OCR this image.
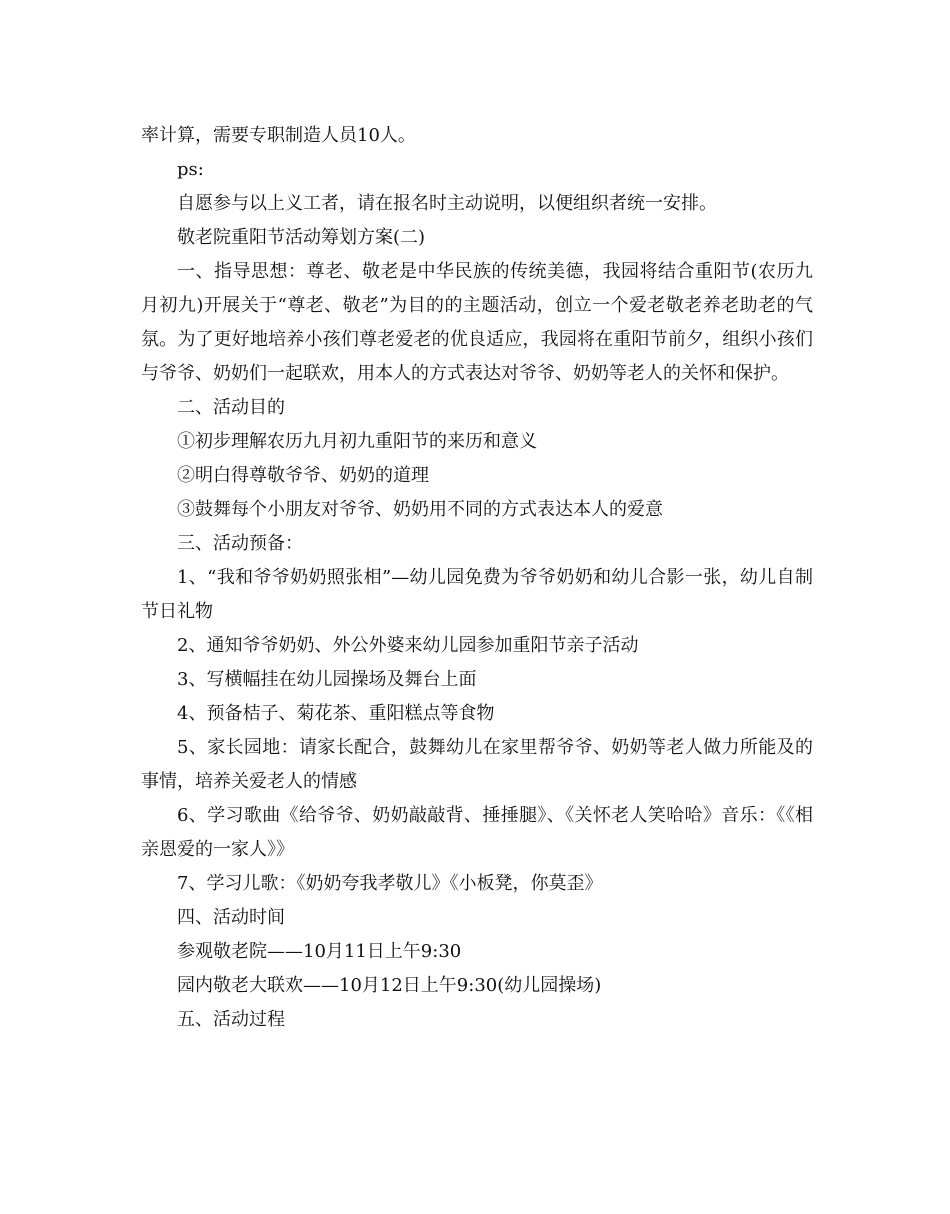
率计算，需要专职制造人员10人。

ps:

自愿参与以上义工者，请在报名时主动说明，以便组织者统一安排。

敬老院重阳节活动筹划方案(二)

一、指导思想：尊老、敬老是中华民族的传统美德，我园将结合重阳节(农历九月初九)开展关于“尊老、敬老”为目的的主题活动，创立一个爱老敬老养老助老的气氛。为了更好地培养小孩们尊老爱老的优良适应，我园将在重阳节前夕，组织小孩们与爷爷、奶奶们一起联欢，用本人的方式表达对爷爷、奶奶等老人的关怀和保护。

二、活动目的

①初步理解农历九月初九重阳节的来历和意义

②明白得尊敬爷爷、奶奶的道理

③鼓舞每个小朋友对爷爷、奶奶用不同的方式表达本人的爱意

三、活动预备：

1、“我和爷爷奶奶照张相”—幼儿园免费为爷爷奶奶和幼儿合影一张，幼儿自制节日礼物

2、通知爷爷奶奶、外公外婆来幼儿园参加重阳节亲子活动

3、写横幅挂在幼儿园操场及舞台上面

4、预备桔子、菊花茶、重阳糕点等食物

5、家长园地：请家长配合，鼓舞幼儿在家里帮爷爷、奶奶等老人做力所能及的事情，培养关爱老人的情感

6、学习歌曲《给爷爷、奶奶敲敲背、捶捶腿》、《关怀老人笑哈哈》音乐：《《相亲恩爱的一家人》》

7、学习儿歌：《奶奶夸我孝敬儿》《小板凳，你莫歪》

四、活动时间

参观敬老院——10月11日上午9:30

园内敬老大联欢——10月12日上午9:30(幼儿园操场)

五、活动过程
